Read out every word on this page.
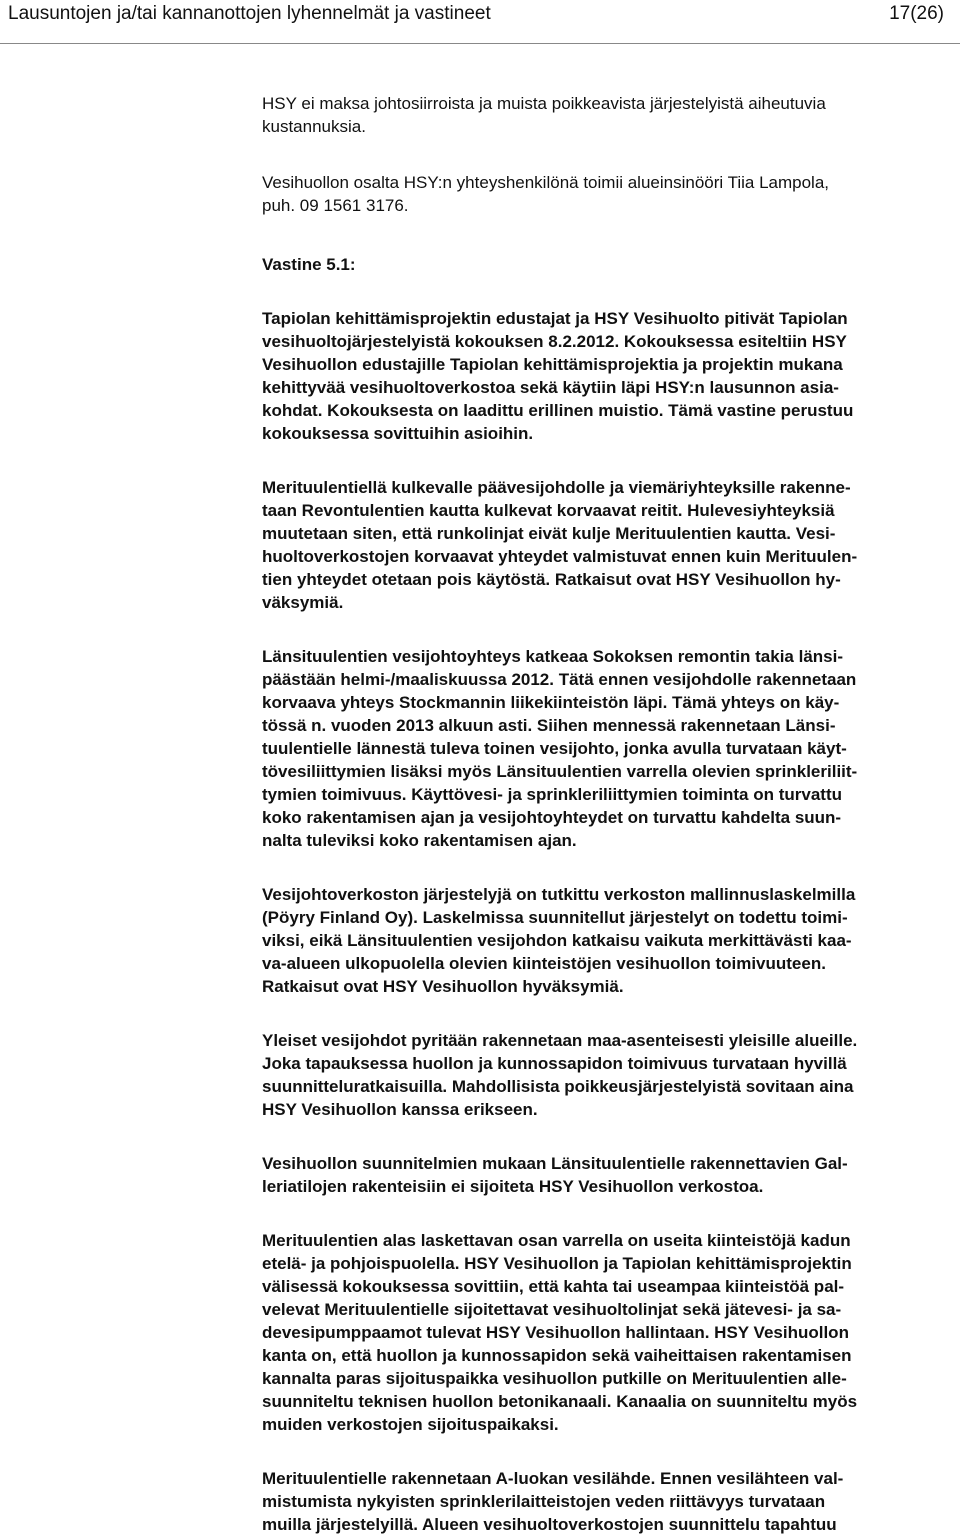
Lausuntojen ja/tai kannanottojen lyhennelmät ja vastineet	17(26)
HSY ei maksa johtosiirroista ja muista poikkeavista järjestelyistä aiheutuvia
kustannuksia.
Vesihuollon osalta HSY:n yhteyshenkilönä toimii alueinsinööri Tiia Lampola,
puh. 09 1561 3176.
Vastine 5.1:
Tapiolan kehittämisprojektin edustajat ja HSY Vesihuolto pitivät Tapiolan
vesihuoltojärjestelyistä kokouksen 8.2.2012. Kokouksessa esiteltiin HSY
Vesihuollon edustajille Tapiolan kehittämisprojektia ja projektin mukana
kehittyvää vesihuoltoverkostoa sekä käytiin läpi HSY:n lausunnon asia-
kohdat. Kokouksesta on laadittu erillinen muistio. Tämä vastine perustuu
kokouksessa sovittuihin asioihin.
Merituulentiellä kulkevalle päävesijohdolle ja viemäriyhteyksille rakenne-
taan Revontulentien kautta kulkevat korvaavat reitit. Hulevesiyhteyksiä
muutetaan siten, että runkolinjat eivät kulje Merituulentien kautta. Vesi-
huoltoverkostojen korvaavat yhteydet valmistuvat ennen kuin Merituulen-
tien yhteydet otetaan pois käytöstä. Ratkaisut ovat HSY Vesihuollon hy-
väksymiä.
Länsituulentien vesijohtoyhteys katkeaa Sokoksen remontin takia länsi-
päästään helmi-/maaliskuussa 2012. Tätä ennen vesijohdolle rakennetaan
korvaava yhteys Stockmannin liikekiinteistön läpi. Tämä yhteys on käy-
tössä n. vuoden 2013 alkuun asti. Siihen mennessä rakennetaan Länsi-
tuulentielle lännestä tuleva toinen vesijohto, jonka avulla turvataan käyt-
tövesiliittymien lisäksi myös Länsituulentien varrella olevien sprinkleriliit-
tymien toimivuus. Käyttövesi- ja sprinkleriliittymien toiminta on turvattu
koko rakentamisen ajan ja vesijohtoyhteydet on turvattu kahdelta suun-
nalta tuleviksi koko rakentamisen ajan.
Vesijohtoverkoston järjestelyjä on tutkittu verkoston mallinnuslaskelmilla
(Pöyry Finland Oy). Laskelmissa suunnitellut järjestelyt on todettu toimi-
viksi, eikä Länsituulentien vesijohdon katkaisu vaikuta merkittävästi kaa-
va-alueen ulkopuolella olevien kiinteistöjen vesihuollon toimivuuteen.
Ratkaisut ovat HSY Vesihuollon hyväksymiä.
Yleiset vesijohdot pyritään rakennetaan maa-asenteisesti yleisille alueille.
Joka tapauksessa huollon ja kunnossapidon toimivuus turvataan hyvillä
suunnitteluratkaisuilla. Mahdollisista poikkeusjärjestelyistä sovitaan aina
HSY Vesihuollon kanssa erikseen.
Vesihuollon suunnitelmien mukaan Länsituulentielle rakennettavien Gal-
leriatilojen rakenteisiin ei sijoiteta HSY Vesihuollon verkostoa.
Merituulentien alas laskettavan osan varrella on useita kiinteistöjä kadun
etelä- ja pohjoispuolella. HSY Vesihuollon ja Tapiolan kehittämisprojektin
välisessä kokouksessa sovittiin, että kahta tai useampaa kiinteistöä pal-
velevat Merituulentielle sijoitettavat vesihuoltolinjat sekä jätevesi- ja sa-
devesipumppaamot tulevat HSY Vesihuollon hallintaan. HSY Vesihuollon
kanta on, että huollon ja kunnossapidon sekä vaiheittaisen rakentamisen
kannalta paras sijoituspaikka vesihuollon putkille on Merituulentien alle-
suunniteltu teknisen huollon betonikanaali. Kanaalia on suunniteltu myös
muiden verkostojen sijoituspaikaksi.
Merituulentielle rakennetaan A-luokan vesilähde. Ennen vesilähteen val-
mistumista nykyisten sprinklerilaitteistojen veden riittävyys turvataan
muilla järjestelyillä. Alueen vesihuoltoverkostojen suunnittelu tapahtuu
